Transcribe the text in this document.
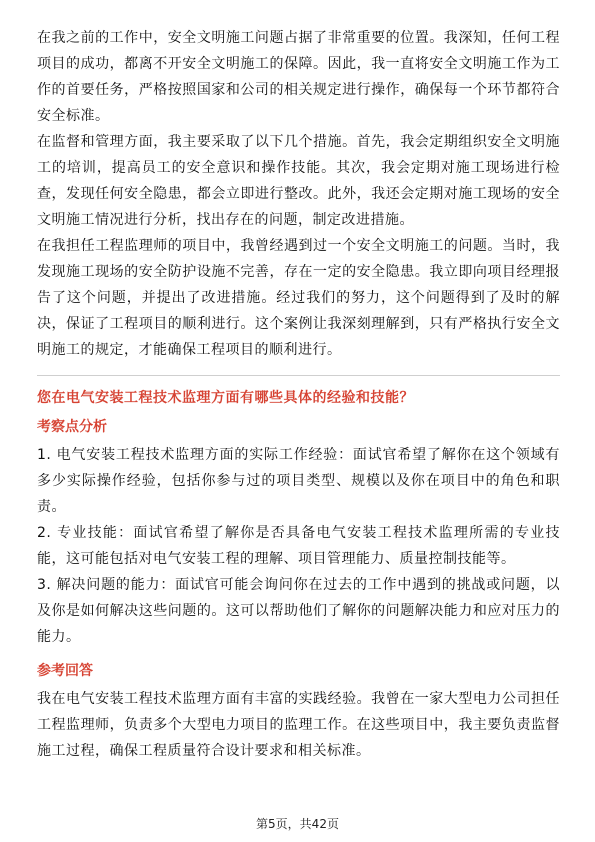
在我之前的工作中，安全文明施工问题占据了非常重要的位置。我深知，任何工程项目的成功，都离不开安全文明施工的保障。因此，我一直将安全文明施工作为工作的首要任务，严格按照国家和公司的相关规定进行操作，确保每一个环节都符合安全标准。

在监督和管理方面，我主要采取了以下几个措施。首先，我会定期组织安全文明施工的培训，提高员工的安全意识和操作技能。其次，我会定期对施工现场进行检查，发现任何安全隐患，都会立即进行整改。此外，我还会定期对施工现场的安全文明施工情况进行分析，找出存在的问题，制定改进措施。

在我担任工程监理师的项目中，我曾经遇到过一个安全文明施工的问题。当时，我发现施工现场的安全防护设施不完善，存在一定的安全隐患。我立即向项目经理报告了这个问题，并提出了改进措施。经过我们的努力，这个问题得到了及时的解决，保证了工程项目的顺利进行。这个案例让我深刻理解到，只有严格执行安全文明施工的规定，才能确保工程项目的顺利进行。

您在电气安装工程技术监理方面有哪些具体的经验和技能？
考察点分析

1. 电气安装工程技术监理方面的实际工作经验：面试官希望了解你在这个领域有多少实际操作经验，包括你参与过的项目类型、规模以及你在项目中的角色和职责。

2. 专业技能：面试官希望了解你是否具备电气安装工程技术监理所需的专业技能，这可能包括对电气安装工程的理解、项目管理能力、质量控制技能等。

3. 解决问题的能力：面试官可能会询问你在过去的工作中遇到的挑战或问题，以及你是如何解决这些问题的。这可以帮助他们了解你的问题解决能力和应对压力的能力。

参考回答

我在电气安装工程技术监理方面有丰富的实践经验。我曾在一家大型电力公司担任工程监理师，负责多个大型电力项目的监理工作。在这些项目中，我主要负责监督施工过程，确保工程质量符合设计要求和相关标准。

第5页，共42页
